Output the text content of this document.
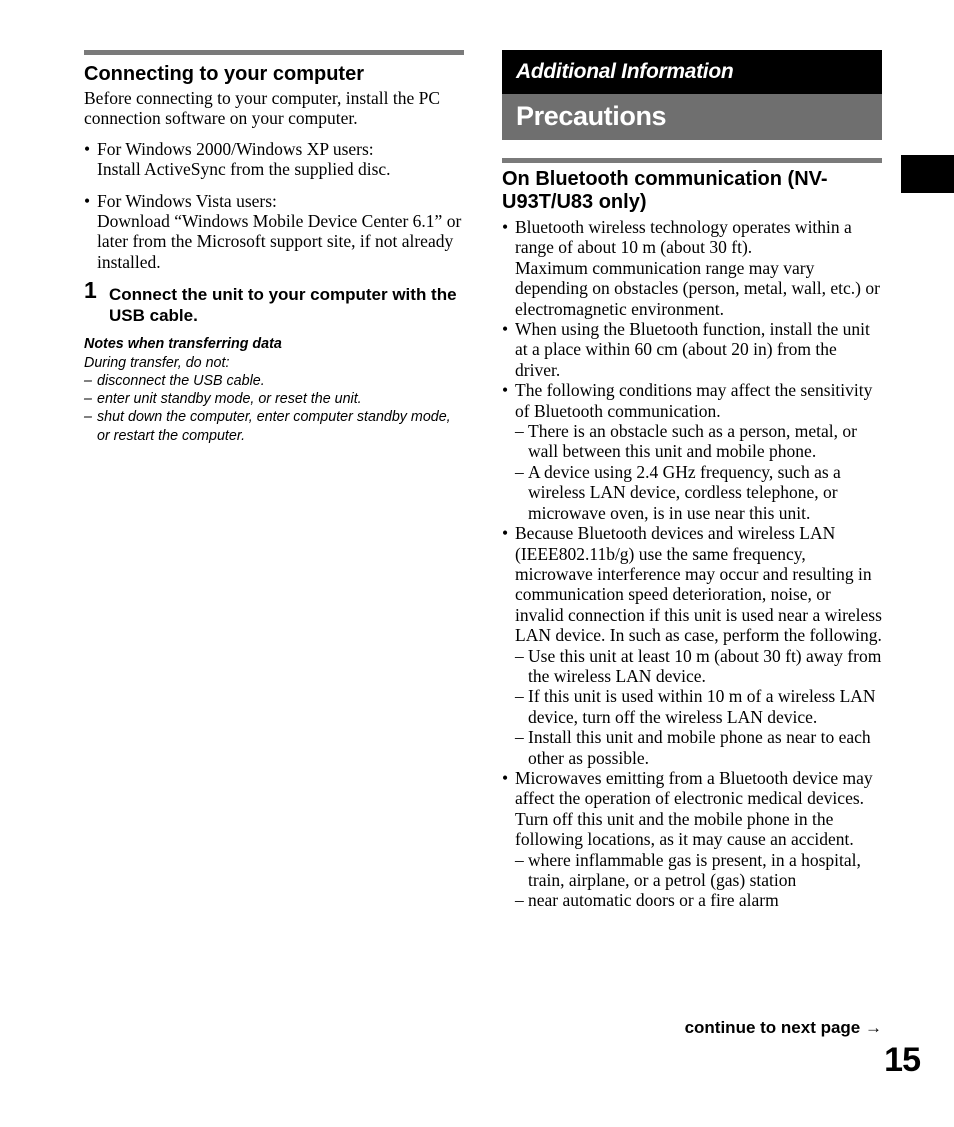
Connecting to your computer

Before connecting to your computer, install the PC connection software on your computer.

• For Windows 2000/Windows XP users:
Install ActiveSync from the supplied disc.
• For Windows Vista users:
Download “Windows Mobile Device Center 6.1” or later from the Microsoft support site, if not already installed.
1 Connect the unit to your computer with the USB cable.
Notes when transferring data
During transfer, do not:
– disconnect the USB cable.
– enter unit standby mode, or reset the unit.
– shut down the computer, enter computer standby mode, or restart the computer.
Additional Information
Precautions
On Bluetooth communication (NV-U93T/U83 only)
• Bluetooth wireless technology operates within a range of about 10 m (about 30 ft).
Maximum communication range may vary depending on obstacles (person, metal, wall, etc.) or electromagnetic environment.
• When using the Bluetooth function, install the unit at a place within 60 cm (about 20 in) from the driver.
• The following conditions may affect the sensitivity of Bluetooth communication.
– There is an obstacle such as a person, metal, or wall between this unit and mobile phone.
– A device using 2.4 GHz frequency, such as a wireless LAN device, cordless telephone, or microwave oven, is in use near this unit.
• Because Bluetooth devices and wireless LAN (IEEE802.11b/g) use the same frequency, microwave interference may occur and resulting in communication speed deterioration, noise, or invalid connection if this unit is used near a wireless LAN device. In such as case, perform the following.
– Use this unit at least 10 m (about 30 ft) away from the wireless LAN device.
– If this unit is used within 10 m of a wireless LAN device, turn off the wireless LAN device.
– Install this unit and mobile phone as near to each other as possible.
• Microwaves emitting from a Bluetooth device may affect the operation of electronic medical devices. Turn off this unit and the mobile phone in the following locations, as it may cause an accident.
– where inflammable gas is present, in a hospital, train, airplane, or a petrol (gas) station
– near automatic doors or a fire alarm
continue to next page →
15
